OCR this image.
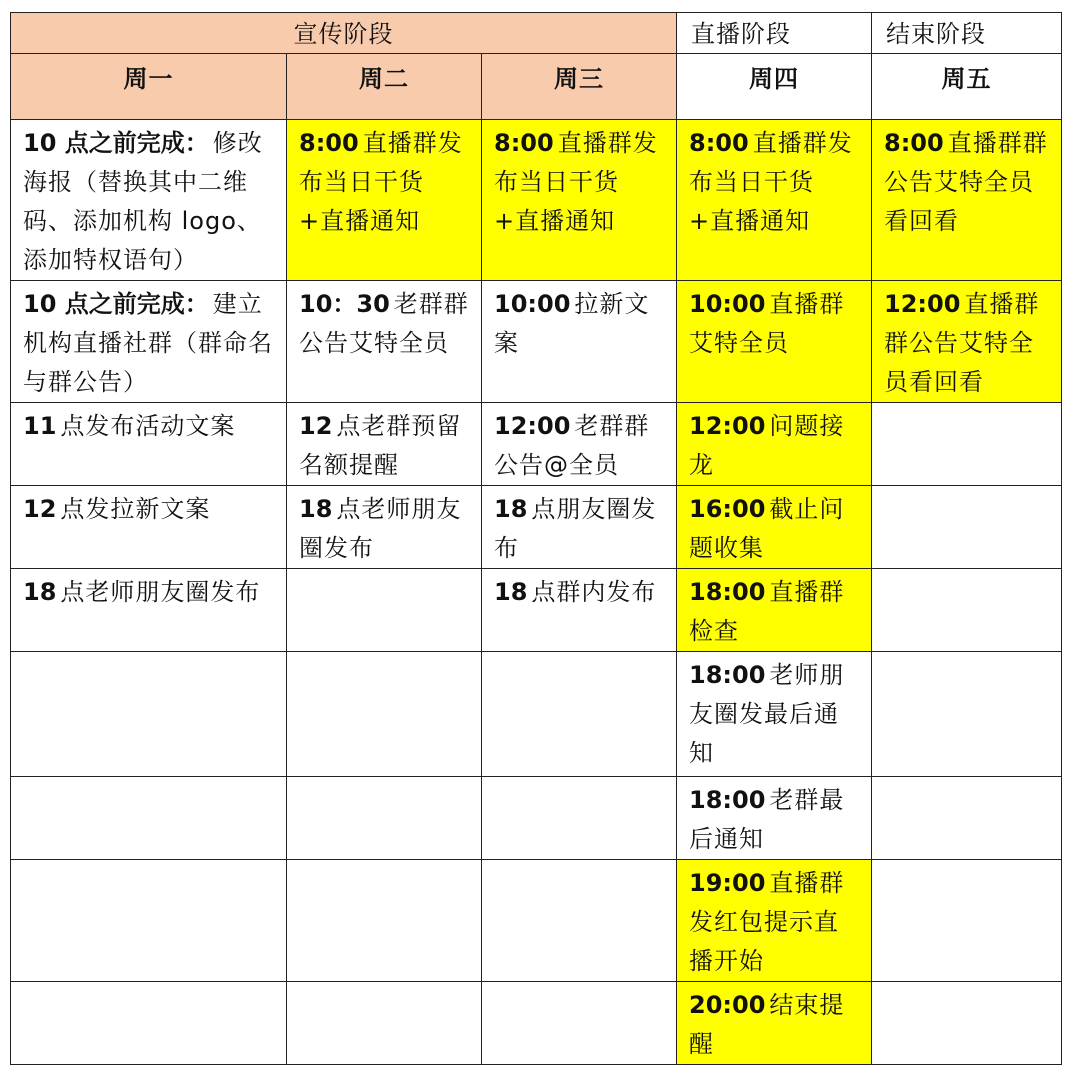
宣传阶段			直播阶段	结束阶段
周一	周二	周三	周四	周五
10 点之前完成： 修改海报（替换其中二维码、添加机构 logo、添加特权语句）	8:00 直播群发布当日干货+直播通知	8:00 直播群发布当日干货+直播通知	8:00 直播群发布当日干货+直播通知	8:00 直播群群公告艾特全员看回看
10 点之前完成： 建立机构直播社群（群命名与群公告）	10：30 老群群公告艾特全员	10:00 拉新文案	10:00 直播群艾特全员	12:00 直播群群公告艾特全员看回看
11 点发布活动文案	12 点老群预留名额提醒	12:00 老群群公告@全员	12:00 问题接龙	
12 点发拉新文案	18 点老师朋友圈发布	18 点朋友圈发布	16:00 截止问题收集	
18 点老师朋友圈发布		18 点群内发布	18:00 直播群检查	
			18:00 老师朋友圈发最后通知	
			18:00 老群最后通知	
			19:00 直播群发红包提示直播开始	
			20:00 结束提醒	
